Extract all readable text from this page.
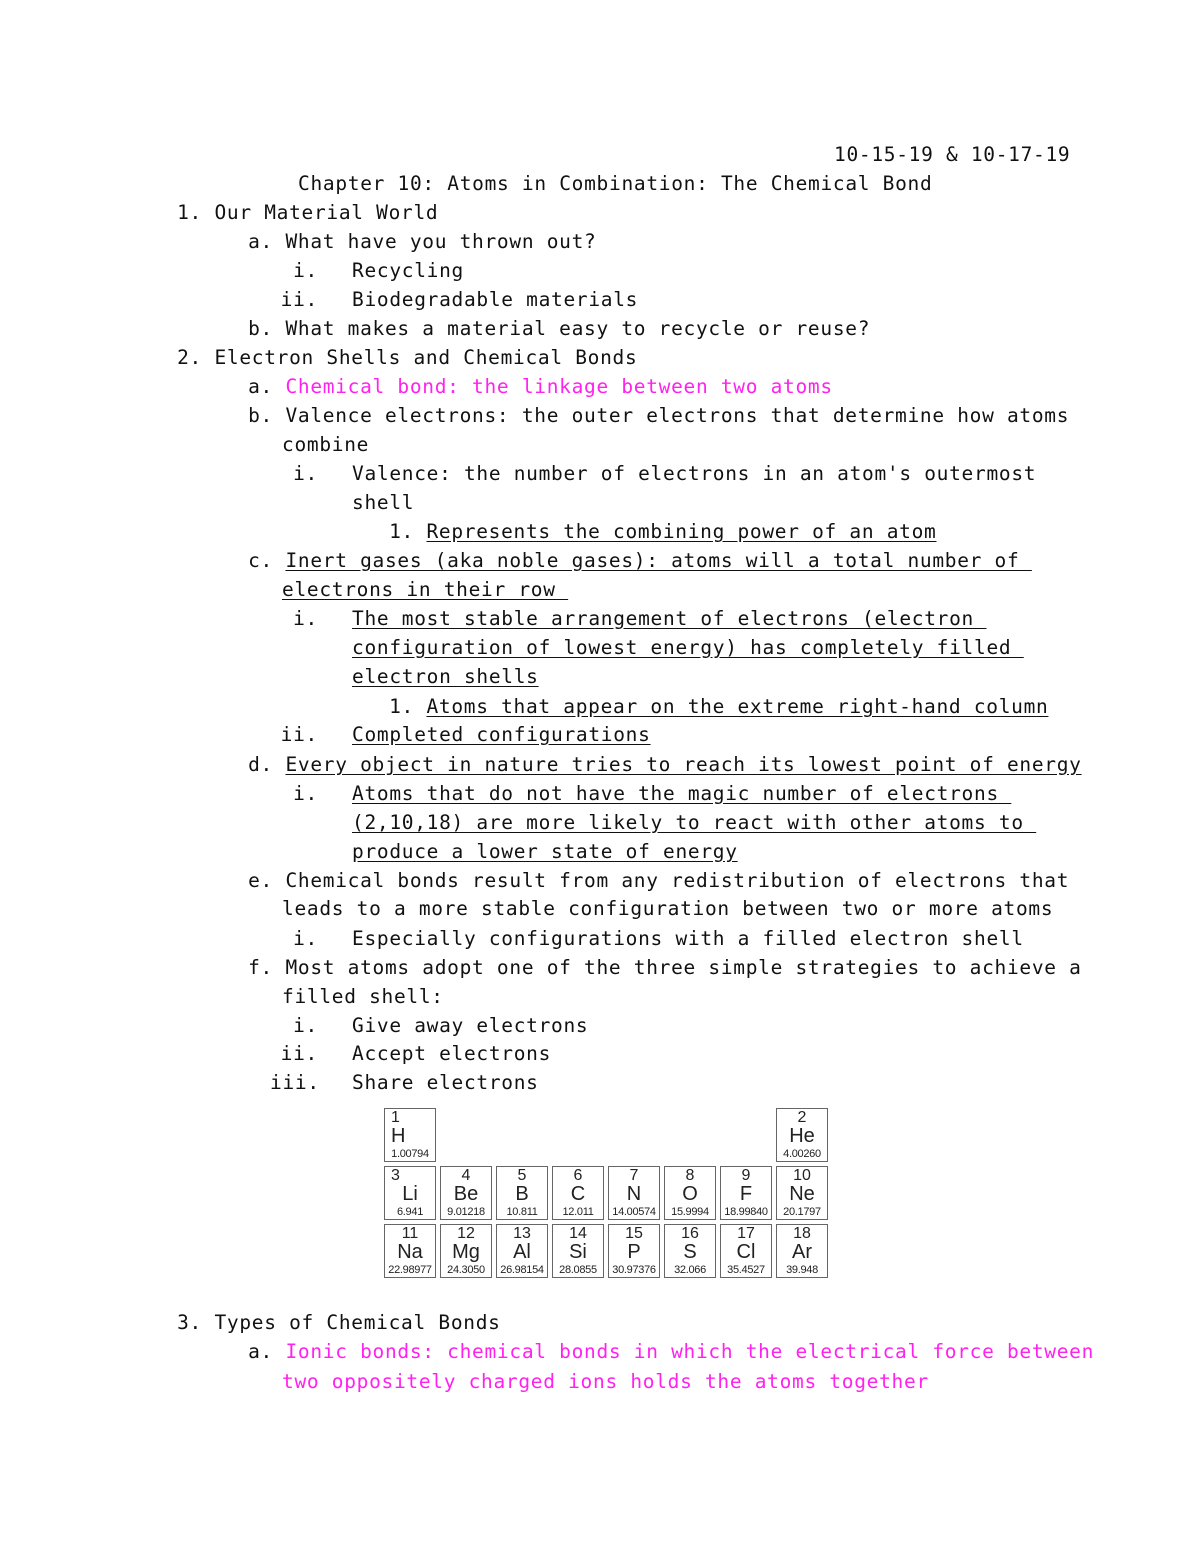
10-15-19 & 10-17-19
Chapter 10: Atoms in Combination: The Chemical Bond
1. Our Material World
a. What have you thrown out?
i. Recycling
ii. Biodegradable materials
b. What makes a material easy to recycle or reuse?
2. Electron Shells and Chemical Bonds
a. Chemical bond: the linkage between two atoms
b. Valence electrons: the outer electrons that determine how atoms
combine
i. Valence: the number of electrons in an atom's outermost
shell
1. Represents the combining power of an atom
c. Inert gases (aka noble gases): atoms will a total number of
electrons in their row
i. The most stable arrangement of electrons (electron
configuration of lowest energy) has completely filled
electron shells
1. Atoms that appear on the extreme right-hand column
ii. Completed configurations
d. Every object in nature tries to reach its lowest point of energy
i. Atoms that do not have the magic number of electrons
(2,10,18) are more likely to react with other atoms to
produce a lower state of energy
e. Chemical bonds result from any redistribution of electrons that
leads to a more stable configuration between two or more atoms
i. Especially configurations with a filled electron shell
f. Most atoms adopt one of the three simple strategies to achieve a
filled shell:
i. Give away electrons
ii. Accept electrons
iii. Share electrons
1
H
1.00794
2
He
4.00260
3
Li
6.941
4
Be
9.01218
5
B
10.811
6
C
12.011
7
N
14.00574
8
O
15.9994
9
F
18.99840
10
Ne
20.1797
11
Na
22.98977
12
Mg
24.3050
13
Al
26.98154
14
Si
28.0855
15
P
30.97376
16
S
32.066
17
Cl
35.4527
18
Ar
39.948
3. Types of Chemical Bonds
a. Ionic bonds: chemical bonds in which the electrical force between
two oppositely charged ions holds the atoms together
